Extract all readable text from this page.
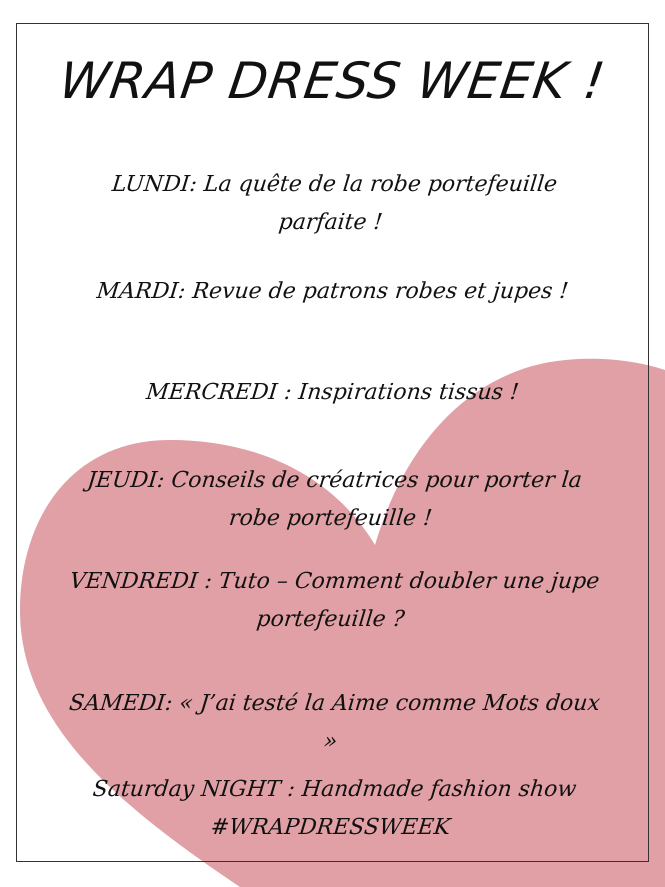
WRAP DRESS WEEK !
LUNDI: La quête de la robe portefeuille parfaite !
MARDI: Revue de patrons robes et jupes !
MERCREDI : Inspirations tissus !
JEUDI: Conseils de créatrices pour porter la robe portefeuille !
VENDREDI : Tuto – Comment doubler une jupe portefeuille ?
SAMEDI: « J’ai testé la Aime comme Mots doux »
Saturday NIGHT : Handmade fashion show #WRAPDRESSWEEK
